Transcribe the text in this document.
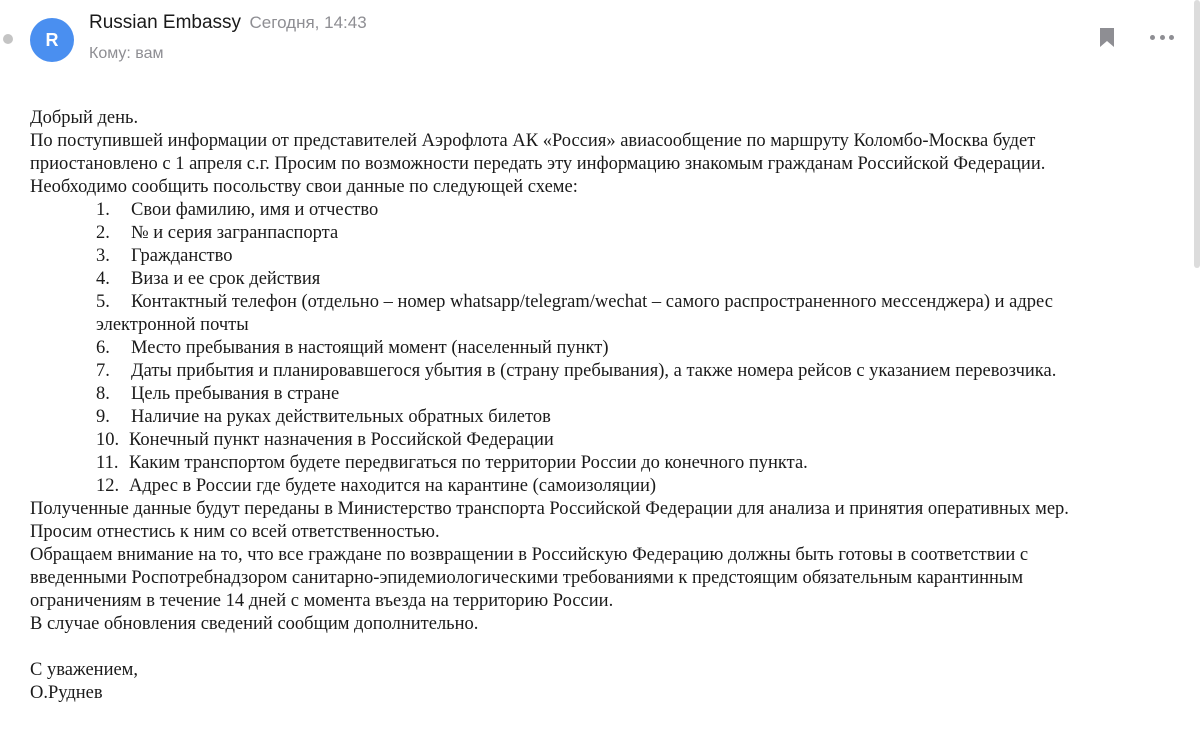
R
Russian Embassy Сегодня, 14:43
Кому: вам

Добрый день.

По поступившей информации от представителей Аэрофлота АК «Россия» авиасообщение по маршруту Коломбо-Москва будет

приостановлено с 1 апреля с.г. Просим по возможности передать эту информацию знакомым гражданам Российской Федерации.

Необходимо сообщить посольству свои данные по следующей схеме:

1.	Свои фамилию, имя и отчество
2.	№ и серия загранпаспорта
3.	Гражданство
4.	Виза и ее срок действия
5.	Контактный телефон (отдельно – номер whatsapp/telegram/wechat – самого распространенного мессенджера) и адрес
электронной почты
6.	Место пребывания в настоящий момент (населенный пункт)
7.	Даты прибытия и планировавшегося убытия в (страну пребывания), а также номера рейсов с указанием перевозчика.
8.	Цель пребывания в стране
9.	Наличие на руках действительных обратных билетов
10. Конечный пункт назначения в Российской Федерации
11. Каким транспортом будете передвигаться по территории России до конечного пункта.
12. Адрес в России где будете находится на карантине (самоизоляции)

Полученные данные будут переданы в Министерство транспорта Российской Федерации для анализа и принятия оперативных мер.

Просим отнестись к ним со всей ответственностью.

Обращаем внимание на то, что все граждане по возвращении в Российскую Федерацию должны быть готовы в соответствии с

введенными Роспотребнадзором санитарно-эпидемиологическими требованиями к предстоящим обязательным карантинным

ограничениям в течение 14 дней с момента въезда на территорию России.

В случае обновления сведений сообщим дополнительно.

С уважением,

О.Руднев
